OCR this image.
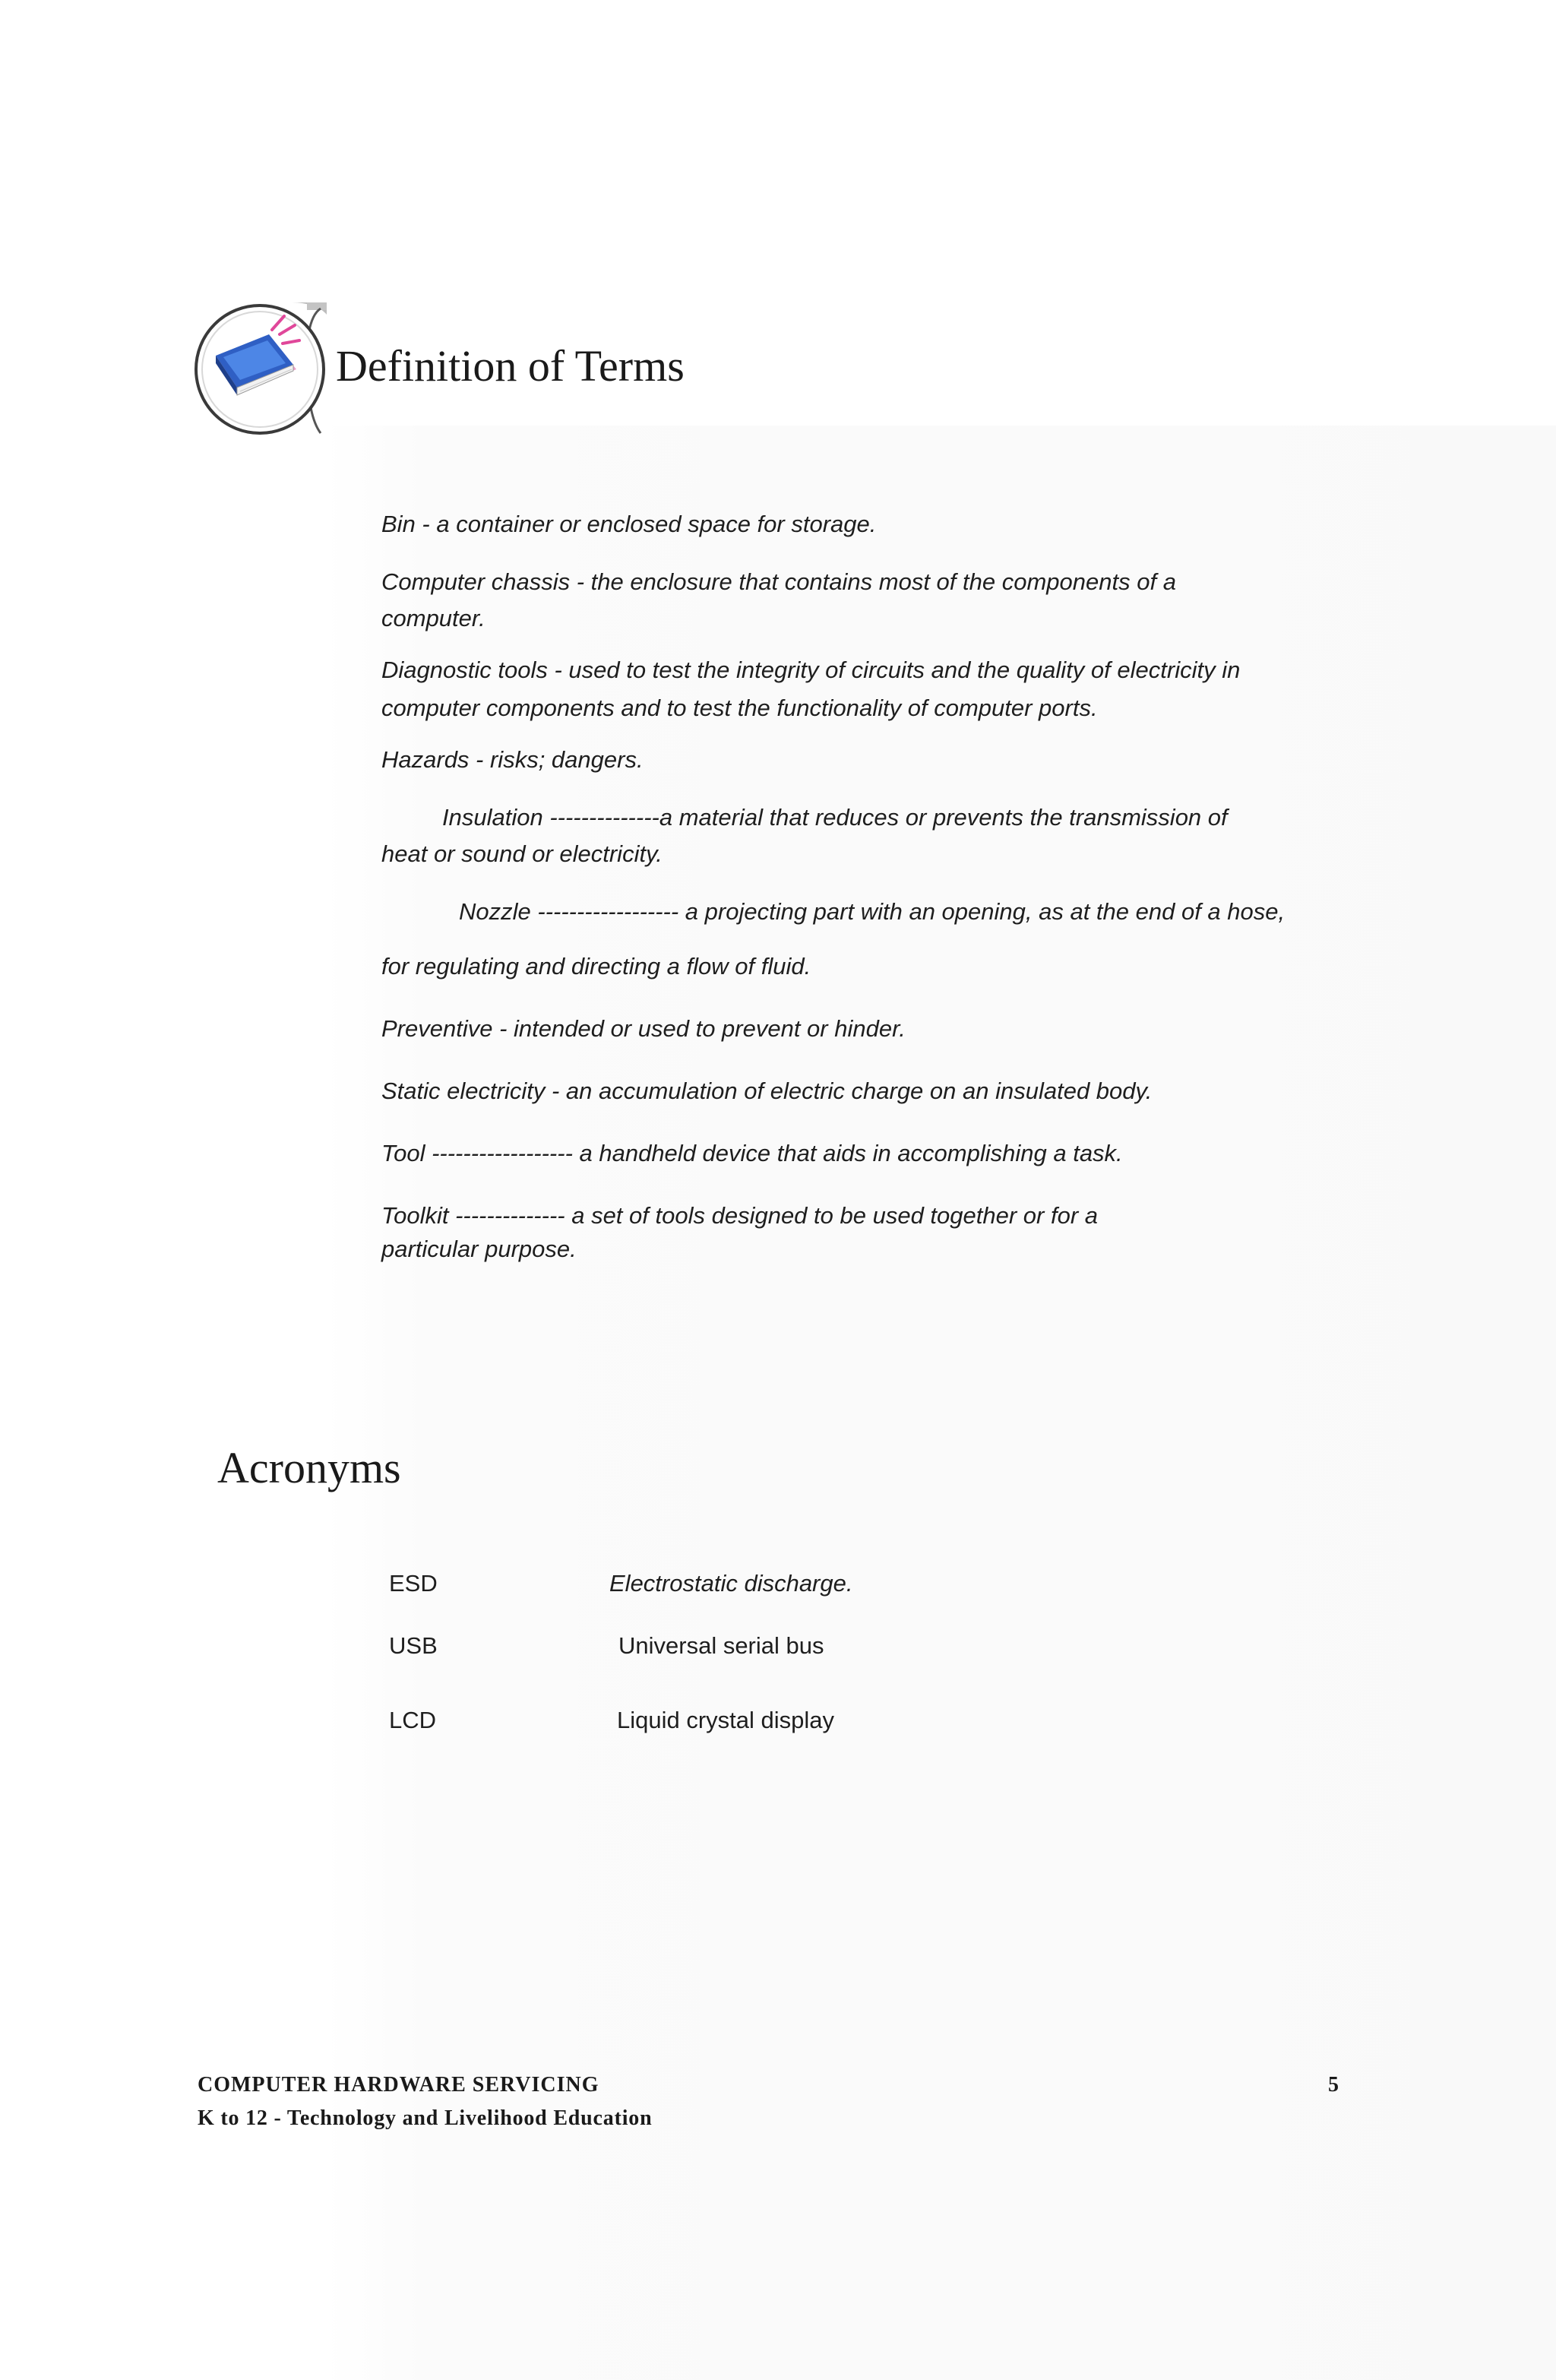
Definition of Terms
Bin - a container or enclosed space for storage.
Computer chassis - the enclosure that contains most of the components of a
computer.
Diagnostic tools - used to test the integrity of circuits and the quality of electricity in
computer components and to test the functionality of computer ports.
Hazards - risks; dangers.
Insulation --------------a material that reduces or prevents the transmission of
heat or sound or electricity.
Nozzle ------------------ a projecting part with an opening, as at the end of a hose,
for regulating and directing a flow of fluid.
Preventive - intended or used to prevent or hinder.
Static electricity - an accumulation of electric charge on an insulated body.
Tool ------------------ a handheld device that aids in accomplishing a task.
Toolkit -------------- a set of tools designed to be used together or for a
particular purpose.
Acronyms
ESD	Electrostatic discharge.
USB	Universal serial bus
LCD	Liquid crystal display
COMPUTER HARDWARE SERVICING
K to 12 - Technology and Livelihood Education
5
